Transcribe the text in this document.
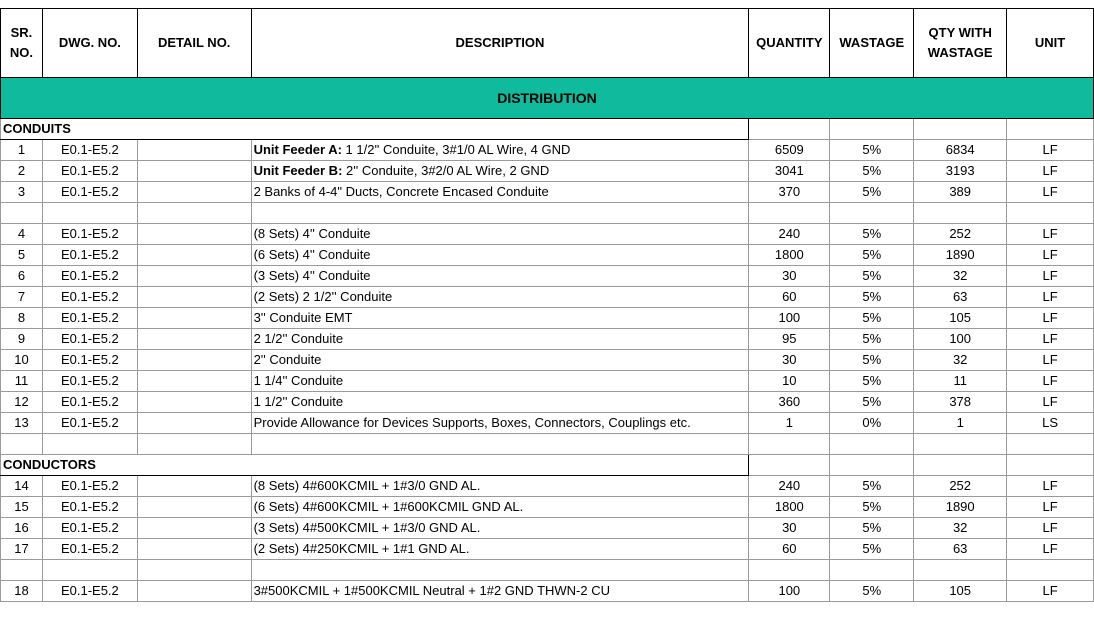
SR. NO.	DWG. NO.	DETAIL NO.	DESCRIPTION	QUANTITY	WASTAGE	QTY WITH WASTAGE	UNIT
DISTRIBUTION							
CONDUITS							
1	E0.1-E5.2		Unit Feeder A: 1 1/2'' Conduite, 3#1/0 AL Wire, 4 GND	6509	5%	6834	LF
2	E0.1-E5.2		Unit Feeder B: 2'' Conduite, 3#2/0 AL Wire, 2 GND	3041	5%	3193	LF
3	E0.1-E5.2		2 Banks of 4-4" Ducts, Concrete Encased Conduite	370	5%	389	LF

4	E0.1-E5.2		(8 Sets) 4'' Conduite	240	5%	252	LF
5	E0.1-E5.2		(6 Sets) 4'' Conduite	1800	5%	1890	LF
6	E0.1-E5.2		(3 Sets) 4'' Conduite	30	5%	32	LF
7	E0.1-E5.2		(2 Sets) 2 1/2'' Conduite	60	5%	63	LF
8	E0.1-E5.2		3'' Conduite EMT	100	5%	105	LF
9	E0.1-E5.2		2 1/2'' Conduite	95	5%	100	LF
10	E0.1-E5.2		2'' Conduite	30	5%	32	LF
11	E0.1-E5.2		1 1/4'' Conduite	10	5%	11	LF
12	E0.1-E5.2		1 1/2'' Conduite	360	5%	378	LF
13	E0.1-E5.2		Provide Allowance for Devices Supports, Boxes, Connectors, Couplings etc.	1	0%	1	LS

CONDUCTORS							
14	E0.1-E5.2		(8 Sets) 4#600KCMIL + 1#3/0 GND AL.	240	5%	252	LF
15	E0.1-E5.2		(6 Sets) 4#600KCMIL + 1#600KCMIL GND AL.	1800	5%	1890	LF
16	E0.1-E5.2		(3 Sets) 4#500KCMIL + 1#3/0 GND AL.	30	5%	32	LF
17	E0.1-E5.2		(2 Sets) 4#250KCMIL + 1#1 GND AL.	60	5%	63	LF

18	E0.1-E5.2		3#500KCMIL + 1#500KCMIL Neutral + 1#2 GND THWN-2 CU	100	5%	105	LF
